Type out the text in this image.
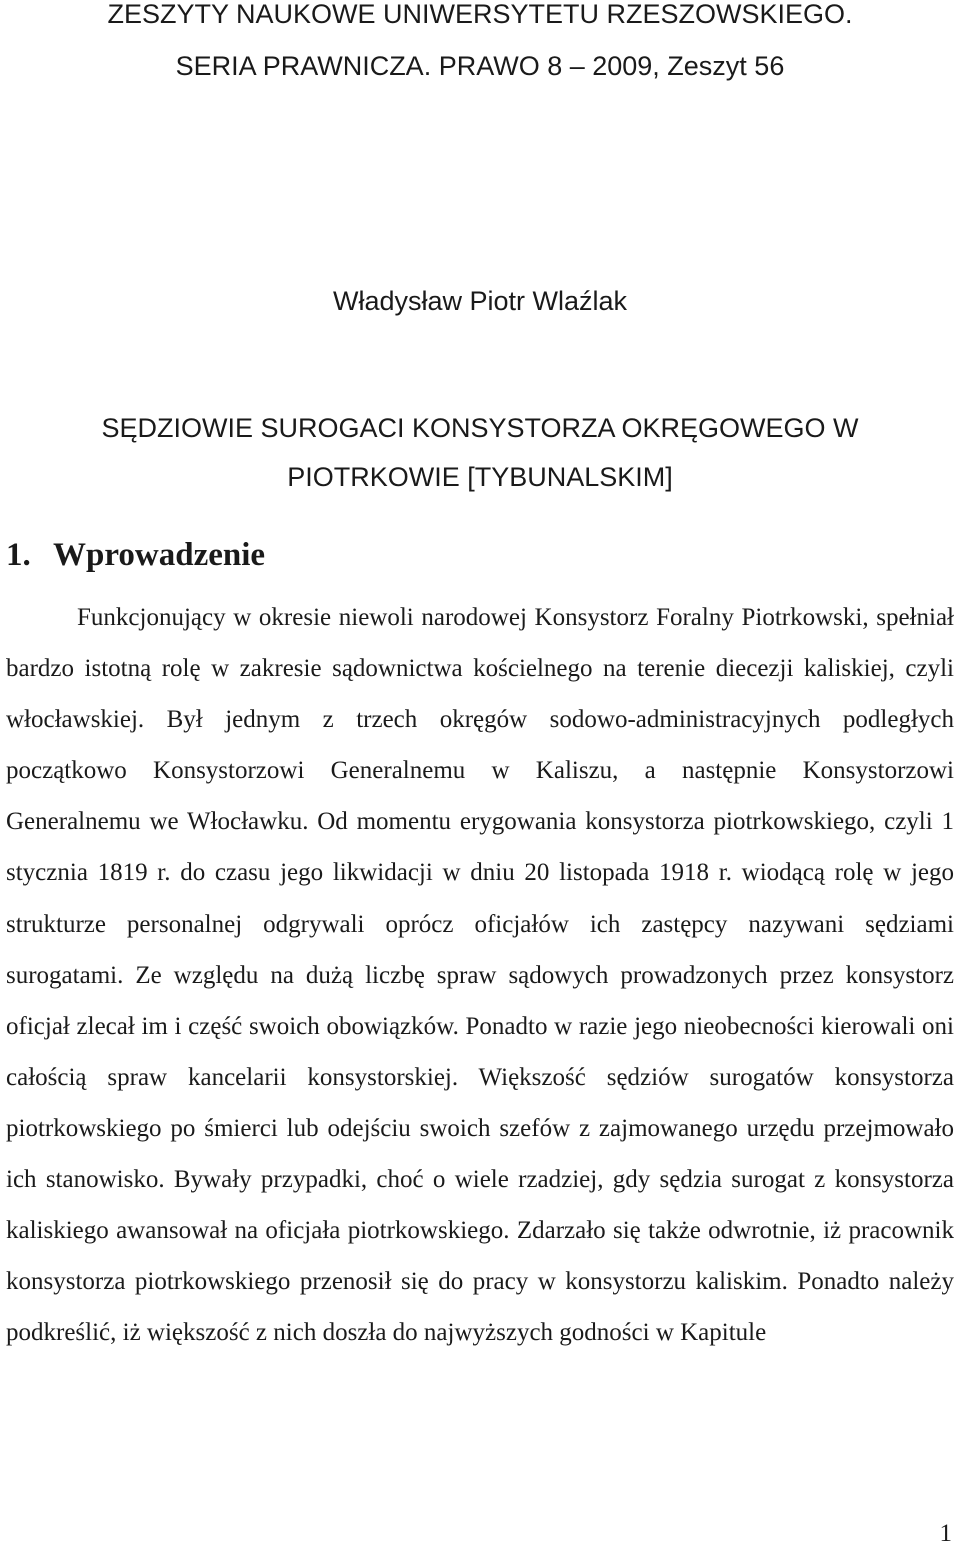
ZESZYTY NAUKOWE UNIWERSYTETU RZESZOWSKIEGO.
SERIA PRAWNICZA. PRAWO 8 – 2009, Zeszyt 56
Władysław Piotr Wlaźlak
SĘDZIOWIE SUROGACI KONSYSTORZA OKRĘGOWEGO W
PIOTRKOWIE [TYBUNALSKIM]
1. Wprowadzenie

Funkcjonujący w okresie niewoli narodowej Konsystorz Foralny Piotrkowski, spełniał bardzo istotną rolę w zakresie sądownictwa kościelnego na terenie diecezji kaliskiej, czyli włocławskiej. Był jednym z trzech okręgów sodowo-administracyjnych podległych początkowo Konsystorzowi Generalnemu w Kaliszu, a następnie Konsystorzowi Generalnemu we Włocławku. Od momentu erygowania konsystorza piotrkowskiego, czyli 1 stycznia 1819 r. do czasu jego likwidacji w dniu 20 listopada 1918 r. wiodącą rolę w jego strukturze personalnej odgrywali oprócz oficjałów ich zastępcy nazywani sędziami surogatami. Ze względu na dużą liczbę spraw sądowych prowadzonych przez konsystorz oficjał zlecał im i część swoich obowiązków. Ponadto w razie jego nieobecności kierowali oni całością spraw kancelarii konsystorskiej. Większość sędziów surogatów konsystorza piotrkowskiego po śmierci lub odejściu swoich szefów z zajmowanego urzędu przejmowało ich stanowisko. Bywały przypadki, choć o wiele rzadziej, gdy sędzia surogat z konsystorza kaliskiego awansował na oficjała piotrkowskiego. Zdarzało się także odwrotnie, iż pracownik konsystorza piotrkowskiego przenosił się do pracy w konsystorzu kaliskim. Ponadto należy podkreślić, iż większość z nich doszła do najwyższych godności w Kapitule

1
